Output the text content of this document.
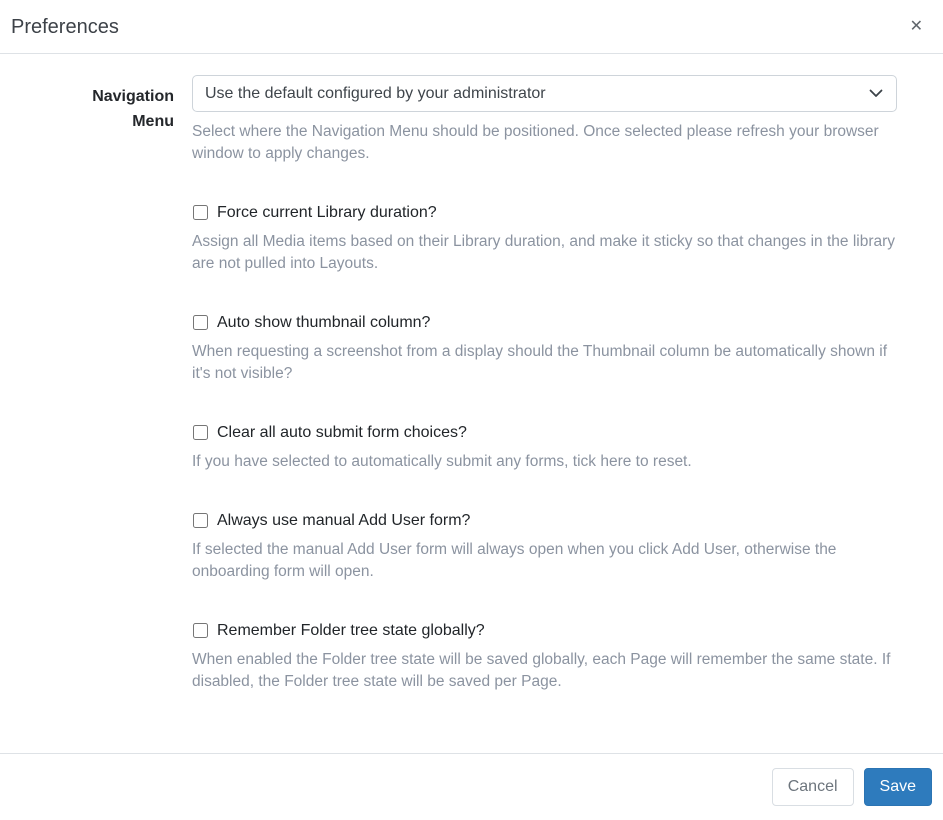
Preferences	✕
Navigation Menu
Use the default configured by your administrator
Select where the Navigation Menu should be positioned. Once selected please refresh your browser window to apply changes.
Force current Library duration?
Assign all Media items based on their Library duration, and make it sticky so that changes in the library are not pulled into Layouts.
Auto show thumbnail column?
When requesting a screenshot from a display should the Thumbnail column be automatically shown if it's not visible?
Clear all auto submit form choices?
If you have selected to automatically submit any forms, tick here to reset.
Always use manual Add User form?
If selected the manual Add User form will always open when you click Add User, otherwise the onboarding form will open.
Remember Folder tree state globally?
When enabled the Folder tree state will be saved globally, each Page will remember the same state. If disabled, the Folder tree state will be saved per Page.
Cancel	Save
